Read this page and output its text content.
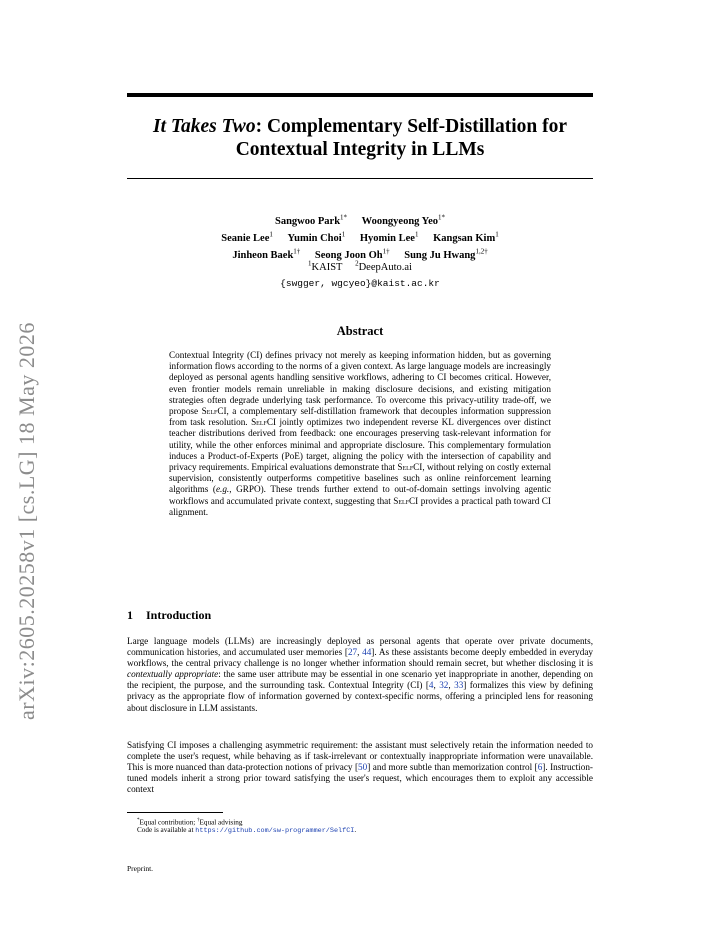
arXiv:2605.20258v1 [cs.LG] 18 May 2026
It Takes Two: Complementary Self-Distillation for
Contextual Integrity in LLMs
Sangwoo Park$^{1*}$ Woongyeong Yeo$^{1*}$
Seanie Lee$^1$ Yumin Choi$^1$ Hyomin Lee$^1$ Kangsan Kim$^1$
Jinheon Baek$^{1\dagger}$ Seong Joon $Oh^{1\dagger}$ Sung Ju Hwang$^{1,2\dagger}$
$^1$KAIST $^2$DeepAuto.ai
{swgger, wgcyeo}@kaist.ac.kr
Abstract
Contextual Integrity (CI) defines privacy not merely as keeping information hidden, but as governing information flows according to the norms of a given context. As large language models are increasingly deployed as personal agents handling sensitive workflows, adhering to CI becomes critical. However, even frontier models remain unreliable in making disclosure decisions, and existing mitigation strategies often degrade underlying task performance. To overcome this privacy-utility trade-off, we propose SelfCI, a complementary self-distillation framework that decouples information suppression from task resolution. SelfCI jointly optimizes two independent reverse KL divergences over distinct teacher distributions derived from feedback: one encourages preserving task-relevant information for utility, while the other enforces minimal and appropriate disclosure. This complementary formulation induces a Product-of-Experts (PoE) target, aligning the policy with the intersection of capability and privacy requirements. Empirical evaluations demonstrate that SelfCI, without relying on costly external supervision, consistently outperforms competitive baselines such as online reinforcement learning algorithms (e.g., GRPO). These trends further extend to out-of-domain settings involving agentic workflows and accumulated private context, suggesting that SelfCI provides a practical path toward CI alignment.
1 Introduction
Large language models (LLMs) are increasingly deployed as personal agents that operate over private documents, communication histories, and accumulated user memories [27, 44]. As these assistants become deeply embedded in everyday workflows, the central privacy challenge is no longer whether information should remain secret, but whether disclosing it is contextually appropriate: the same user attribute may be essential in one scenario yet inappropriate in another, depending on the recipient, the purpose, and the surrounding task. Contextual Integrity (CI) [4, 32, 33] formalizes this view by defining privacy as the appropriate flow of information governed by context-specific norms, offering a principled lens for reasoning about disclosure in LLM assistants.
Satisfying CI imposes a challenging asymmetric requirement: the assistant must selectively retain the information needed to complete the user's request, while behaving as if task-irrelevant or contextually inappropriate information were unavailable. This is more nuanced than data-protection notions of privacy [50] and more subtle than memorization control [6]. Instruction-tuned models inherit a strong prior toward satisfying the user's request, which encourages them to exploit any accessible context
*Equal contribution; †Equal advising
Code is available at https://github.com/sw-programmer/SelfCI.
Preprint.
